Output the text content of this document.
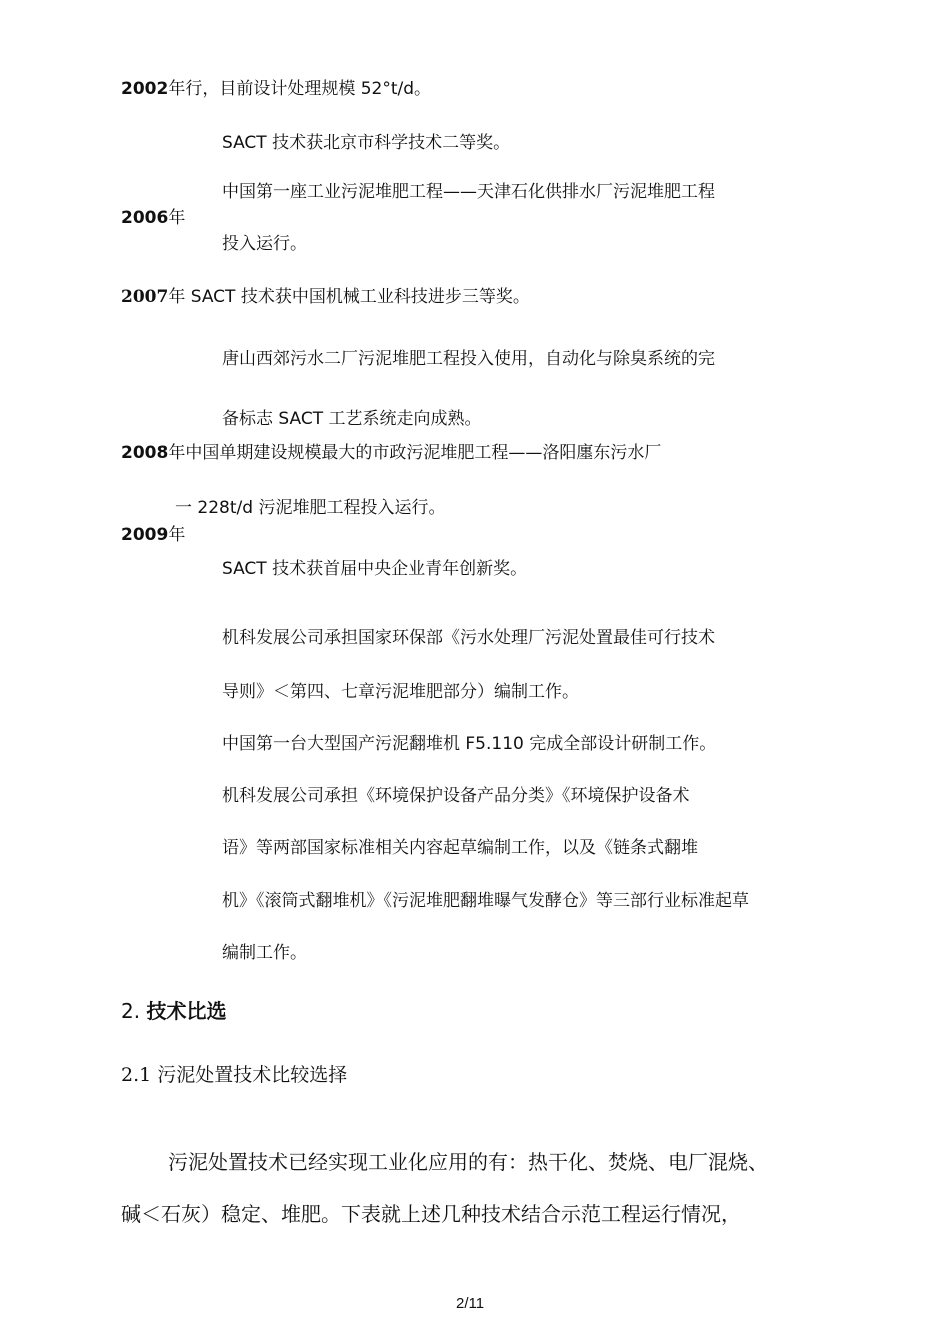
2002年行，目前设计处理规模 52°t/d。
SACT 技术获北京市科学技术二等奖。
中国第一座工业污泥堆肥工程——天津石化供排水厂污泥堆肥工程
2006年
投入运行。
2007年 SACT 技术获中国机械工业科技进步三等奖。
唐山西郊污水二厂污泥堆肥工程投入使用，自动化与除臭系统的完
备标志 SACT 工艺系统走向成熟。
2008年中国单期建设规模最大的市政污泥堆肥工程——洛阳廛东污水厂
一 228t/d 污泥堆肥工程投入运行。
2009年
SACT 技术获首届中央企业青年创新奖。
机科发展公司承担国家环保部《污水处理厂污泥处置最佳可行技术
导则》＜第四、七章污泥堆肥部分）编制工作。
中国第一台大型国产污泥翻堆机 F5.110 完成全部设计研制工作。
机科发展公司承担《环境保护设备产品分类》《环境保护设备术
语》等两部国家标准相关内容起草编制工作，以及《链条式翻堆
机》《滚筒式翻堆机》《污泥堆肥翻堆曝气发酵仓》等三部行业标准起草
编制工作。
2. 技术比选
2.1 污泥处置技术比较选择
污泥处置技术已经实现工业化应用的有：热干化、焚烧、电厂混烧、
碱＜石灰）稳定、堆肥。下表就上述几种技术结合示范工程运行情况，
2/11
